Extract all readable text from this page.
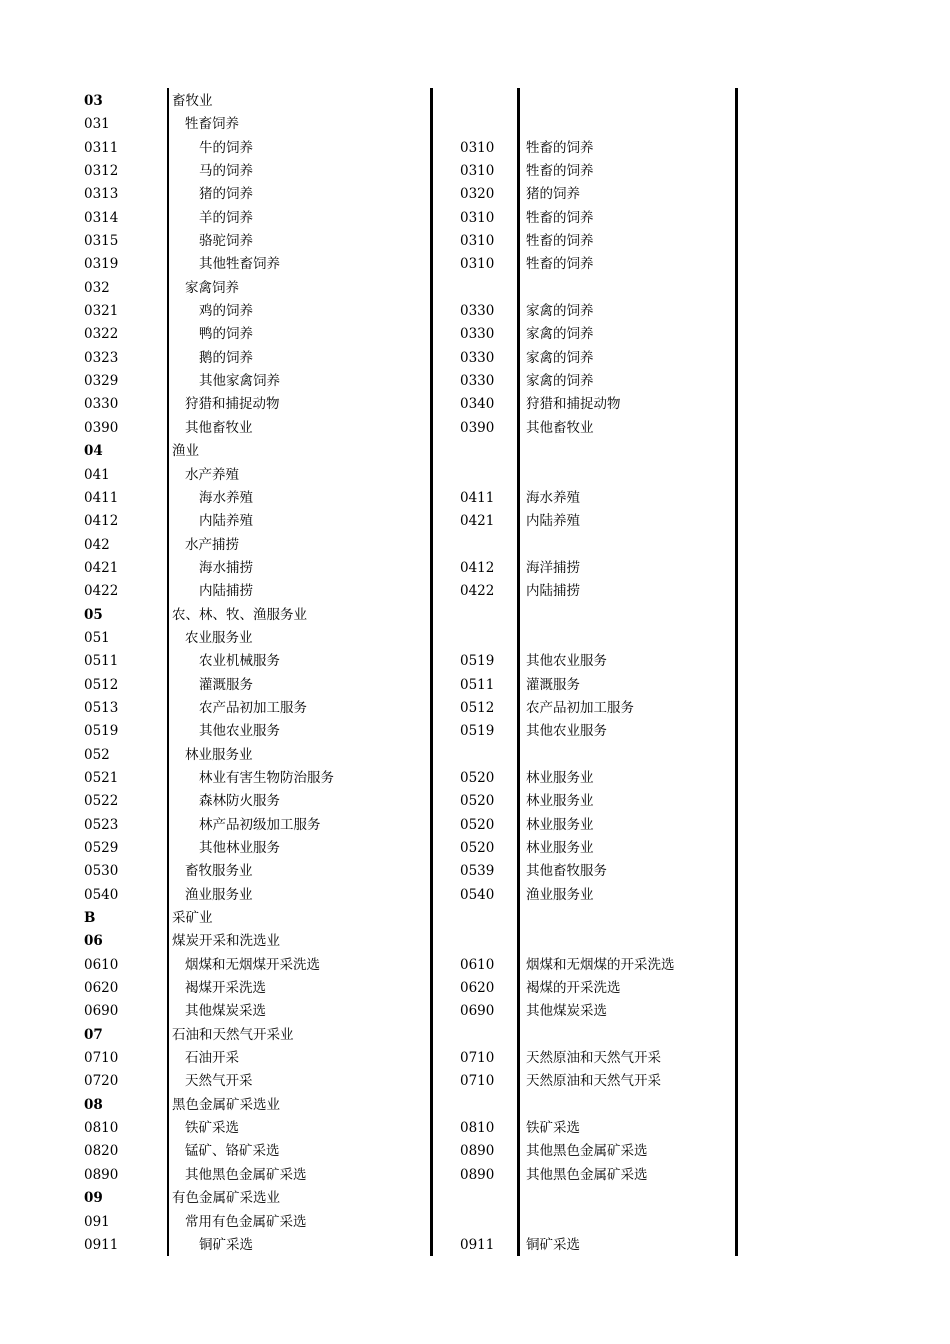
03	畜牧业
031	牲畜饲养
0311	牛的饲养	0310 牲畜的饲养
0312	马的饲养	0310 牲畜的饲养
0313	猪的饲养	0320 猪的饲养
0314	羊的饲养	0310 牲畜的饲养
0315	骆驼饲养	0310 牲畜的饲养
0319	其他牲畜饲养	0310 牲畜的饲养
032	家禽饲养
0321	鸡的饲养	0330 家禽的饲养
0322	鸭的饲养	0330 家禽的饲养
0323	鹅的饲养	0330 家禽的饲养
0329	其他家禽饲养	0330 家禽的饲养
0330	狩猎和捕捉动物	0340 狩猎和捕捉动物
0390	其他畜牧业	0390 其他畜牧业
04	渔业
041	水产养殖
0411	海水养殖	0411 海水养殖
0412	内陆养殖	0421 内陆养殖
042	水产捕捞
0421	海水捕捞	0412 海洋捕捞
0422	内陆捕捞	0422 内陆捕捞
05	农、林、牧、渔服务业
051	农业服务业
0511	农业机械服务	0519 其他农业服务
0512	灌溉服务	0511 灌溉服务
0513	农产品初加工服务	0512 农产品初加工服务
0519	其他农业服务	0519 其他农业服务
052	林业服务业
0521	林业有害生物防治服务	0520 林业服务业
0522	森林防火服务	0520 林业服务业
0523	林产品初级加工服务	0520 林业服务业
0529	其他林业服务	0520 林业服务业
0530	畜牧服务业	0539 其他畜牧服务
0540	渔业服务业	0540 渔业服务业
B	采矿业
06	煤炭开采和洗选业
0610	烟煤和无烟煤开采洗选	0610 烟煤和无烟煤的开采洗选
0620	褐煤开采洗选	0620 褐煤的开采洗选
0690	其他煤炭采选	0690 其他煤炭采选
07	石油和天然气开采业
0710	石油开采	0710 天然原油和天然气开采
0720	天然气开采	0710 天然原油和天然气开采
08	黑色金属矿采选业
0810	铁矿采选	0810 铁矿采选
0820	锰矿、铬矿采选	0890 其他黑色金属矿采选
0890	其他黑色金属矿采选	0890 其他黑色金属矿采选
09	有色金属矿采选业
091	常用有色金属矿采选
0911	铜矿采选	0911 铜矿采选
